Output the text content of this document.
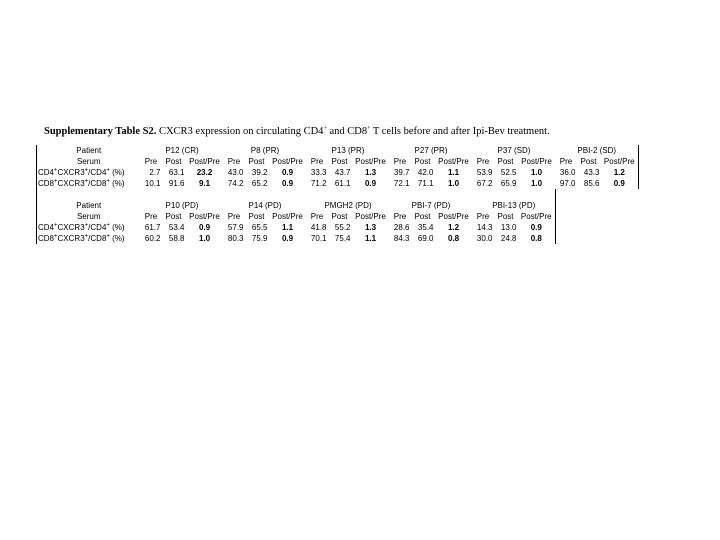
Supplementary Table S2. CXCR3 expression on circulating CD4+ and CD8+ T cells before and after Ipi-Bev treatment.
Patient	P12 (CR)			P8 (PR)			P13 (PR)			P27 (PR)			P37 (SD)			PBI-2 (SD)		
Serum	Pre	Post	Post/Pre	Pre	Post	Post/Pre	Pre	Post	Post/Pre	Pre	Post	Post/Pre	Pre	Post	Post/Pre	Pre	Post	Post/Pre
CD4+CXCR3+/CD4+ (%)	2.7	63.1	23.2	43.0	39.2	0.9	33.3	43.7	1.3	39.7	42.0	1.1	53.9	52.5	1.0	36.0	43.3	1.2
CD8+CXCR3+/CD8+ (%)	10.1	91.6	9.1	74.2	65.2	0.9	71.2	61.1	0.9	72.1	71.1	1.0	67.2	65.9	1.0	97.0	85.6	0.9

Patient	P10 (PD)			P14 (PD)			PMGH2 (PD)			PBI-7 (PD)			PBI-13 (PD)					
Serum	Pre	Post	Post/Pre	Pre	Post	Post/Pre	Pre	Post	Post/Pre	Pre	Post	Post/Pre	Pre	Post	Post/Pre			
CD4+CXCR3+/CD4+ (%)	61.7	53.4	0.9	57.9	65.5	1.1	41.8	55.2	1.3	28.6	35.4	1.2	14.3	13.0	0.9			
CD8+CXCR3+/CD8+ (%)	60.2	58.8	1.0	80.3	75.9	0.9	70.1	75.4	1.1	84.3	69.0	0.8	30.0	24.8	0.8			
